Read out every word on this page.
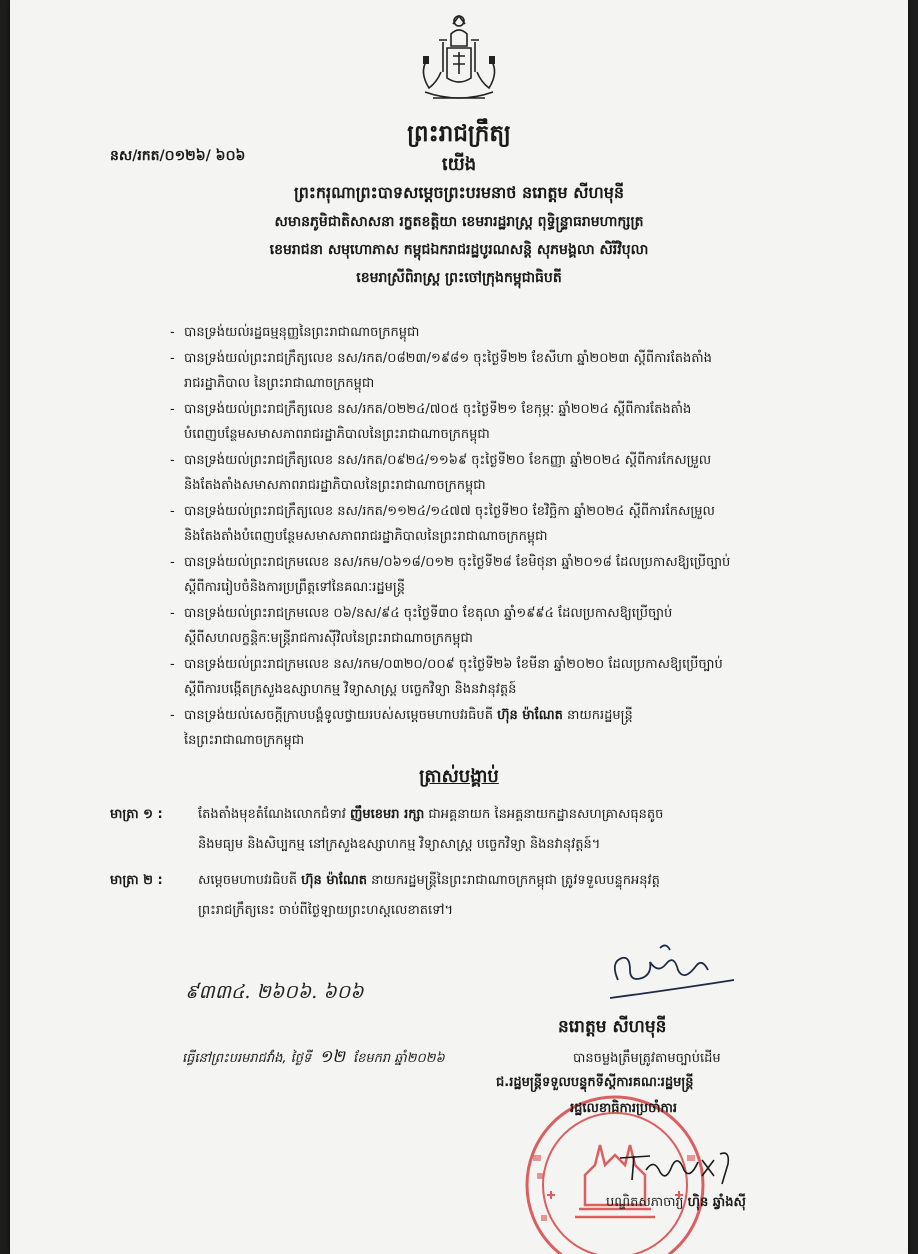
នស/រកត/០១២៦/ ៦០៦
ព្រះរាជក្រឹត្យ
យើង
ព្រះករុណាព្រះបាទសម្តេចព្រះបរមនាថ នរោត្តម សីហមុនី
សមានភូមិជាតិសាសនា រក្ខតខត្តិយា ខេមរារដ្ឋរាស្ត្រ ពុទ្ធិន្ទ្រាធរាមហាក្សត្រ
ខេមរាជនា សមុហោភាស កម្ពុជឯករាជរដ្ឋបូរណសន្តិ សុភមង្គលា សិរីវិបុលា
ខេមរាស្រីពិរាស្ត្រ ព្រះចៅក្រុងកម្ពុជាធិបតី
- បានទ្រង់យល់រដ្ឋធម្មនុញ្ញនៃព្រះរាជាណាចក្រកម្ពុជា
- បានទ្រង់យល់ព្រះរាជក្រឹត្យលេខ នស/រកត/០៨២៣/១៩៨១ ចុះថ្ងៃទី២២ ខែសីហា ឆ្នាំ២០២៣ ស្តីពីការតែងតាំង
រាជរដ្ឋាភិបាល នៃព្រះរាជាណាចក្រកម្ពុជា
- បានទ្រង់យល់ព្រះរាជក្រឹត្យលេខ នស/រកត/០២២៤/៧០៥ ចុះថ្ងៃទី២១ ខែកុម្ភៈ ឆ្នាំ២០២៤ ស្តីពីការតែងតាំង
បំពេញបន្ថែមសមាសភាពរាជរដ្ឋាភិបាលនៃព្រះរាជាណាចក្រកម្ពុជា
- បានទ្រង់យល់ព្រះរាជក្រឹត្យលេខ នស/រកត/០៩២៤/១១៦៩ ចុះថ្ងៃទី២០ ខែកញ្ញា ឆ្នាំ២០២៤ ស្តីពីការកែសម្រួល
និងតែងតាំងសមាសភាពរាជរដ្ឋាភិបាលនៃព្រះរាជាណាចក្រកម្ពុជា
- បានទ្រង់យល់ព្រះរាជក្រឹត្យលេខ នស/រកត/១១២៤/១៤៧៧ ចុះថ្ងៃទី២០ ខែវិច្ឆិកា ឆ្នាំ២០២៤ ស្តីពីការកែសម្រួល
និងតែងតាំងបំពេញបន្ថែមសមាសភាពរាជរដ្ឋាភិបាលនៃព្រះរាជាណាចក្រកម្ពុជា
- បានទ្រង់យល់ព្រះរាជក្រមលេខ នស/រកម/០៦១៨/០១២ ចុះថ្ងៃទី២៨ ខែមិថុនា ឆ្នាំ២០១៨ ដែលប្រកាសឱ្យប្រើច្បាប់
ស្តីពីការរៀបចំនិងការប្រព្រឹត្តទៅនៃគណៈរដ្ឋមន្ត្រី
- បានទ្រង់យល់ព្រះរាជក្រមលេខ ០៦/នស/៩៤ ចុះថ្ងៃទី៣០ ខែតុលា ឆ្នាំ១៩៩៤ ដែលប្រកាសឱ្យប្រើច្បាប់
ស្តីពីសហលក្ខន្តិកៈមន្ត្រីរាជការស៊ីវិលនៃព្រះរាជាណាចក្រកម្ពុជា
- បានទ្រង់យល់ព្រះរាជក្រមលេខ នស/រកម/០៣២០/០០៩ ចុះថ្ងៃទី២៦ ខែមីនា ឆ្នាំ២០២០ ដែលប្រកាសឱ្យប្រើច្បាប់
ស្តីពីការបង្កើតក្រសួងឧស្សាហកម្ម វិទ្យាសាស្ត្រ បច្ចេកវិទ្យា និងនវានុវត្តន៍
- បានទ្រង់យល់សេចក្តីក្រាបបង្គំទូលថ្វាយរបស់សម្តេចមហាបវរធិបតី ហ៊ុន ម៉ាណែត នាយករដ្ឋមន្ត្រី
នៃព្រះរាជាណាចក្រកម្ពុជា
ត្រាស់បង្គាប់
មាត្រា ១ :	តែងតាំងមុខតំណែងលោកជំទាវ ញឹមខេមរា រក្សា ជាអគ្គនាយក នៃអគ្គនាយកដ្ឋានសហគ្រាសធុនតូច
និងមធ្យម និងសិប្បកម្ម នៅក្រសួងឧស្សាហកម្ម វិទ្យាសាស្ត្រ បច្ចេកវិទ្យា និងនវានុវត្តន៍។
មាត្រា ២ :	សម្តេចមហាបវរធិបតី ហ៊ុន ម៉ាណែត នាយករដ្ឋមន្ត្រីនៃព្រះរាជាណាចក្រកម្ពុជា ត្រូវទទួលបន្ទុកអនុវត្ត
ព្រះរាជក្រឹត្យនេះ ចាប់ពីថ្ងៃឡាយព្រះហស្តលេខាតទៅ។
៩៣៣៤. ២៦០៦. ៦០៦
នរោត្តម សីហមុនី
ធ្វើនៅព្រះបរមរាជវាំង, ថ្ងៃទី ១២ ខែមករា ឆ្នាំ២០២៦	បានចម្លងត្រឹមត្រូវតាមច្បាប់ដើម
ជ.រដ្ឋមន្ត្រីទទួលបន្ទុកទីស្តីការគណៈរដ្ឋមន្ត្រី
រដ្ឋលេខាធិការប្រចាំការ
បណ្ឌិតសភាចារ្យ ហ៊ិន ឆ្វាំងស៊ី
